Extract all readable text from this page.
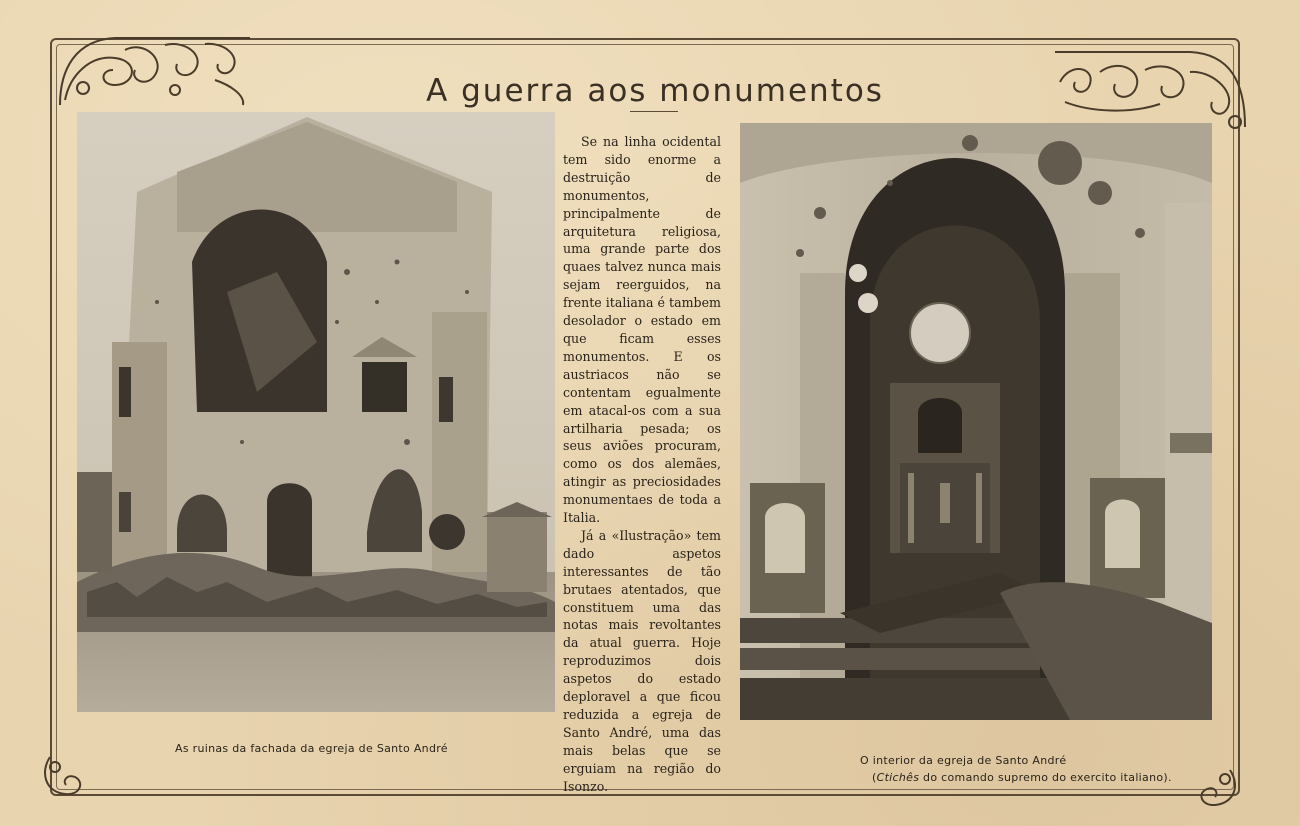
A guerra aos monumentos
As ruinas da fachada da egreja de Santo André

Se na linha ocidental tem sido enorme a destruição de monumentos, principalmente de arquitetura religiosa, uma grande parte dos quaes talvez nunca mais sejam reerguidos, na frente italiana é tambem desolador o estado em que ficam esses monumentos. E os austriacos não se contentam egualmente em atacal-os com a sua artilharia pesada; os seus aviões procuram, como os dos alemães, atingir as preciosidades monumentaes de toda a Italia.

Já a «Ilustração» tem dado aspetos interessantes de tão brutaes atentados, que constituem uma das notas mais revoltantes da atual guerra. Hoje reproduzimos dois aspetos do estado deploravel a que ficou reduzida a egreja de Santo André, uma das mais belas que se erguiam na região do Isonzo.

O interior da egreja de Santo André
(Ctichês do comando supremo do exercito italiano).
